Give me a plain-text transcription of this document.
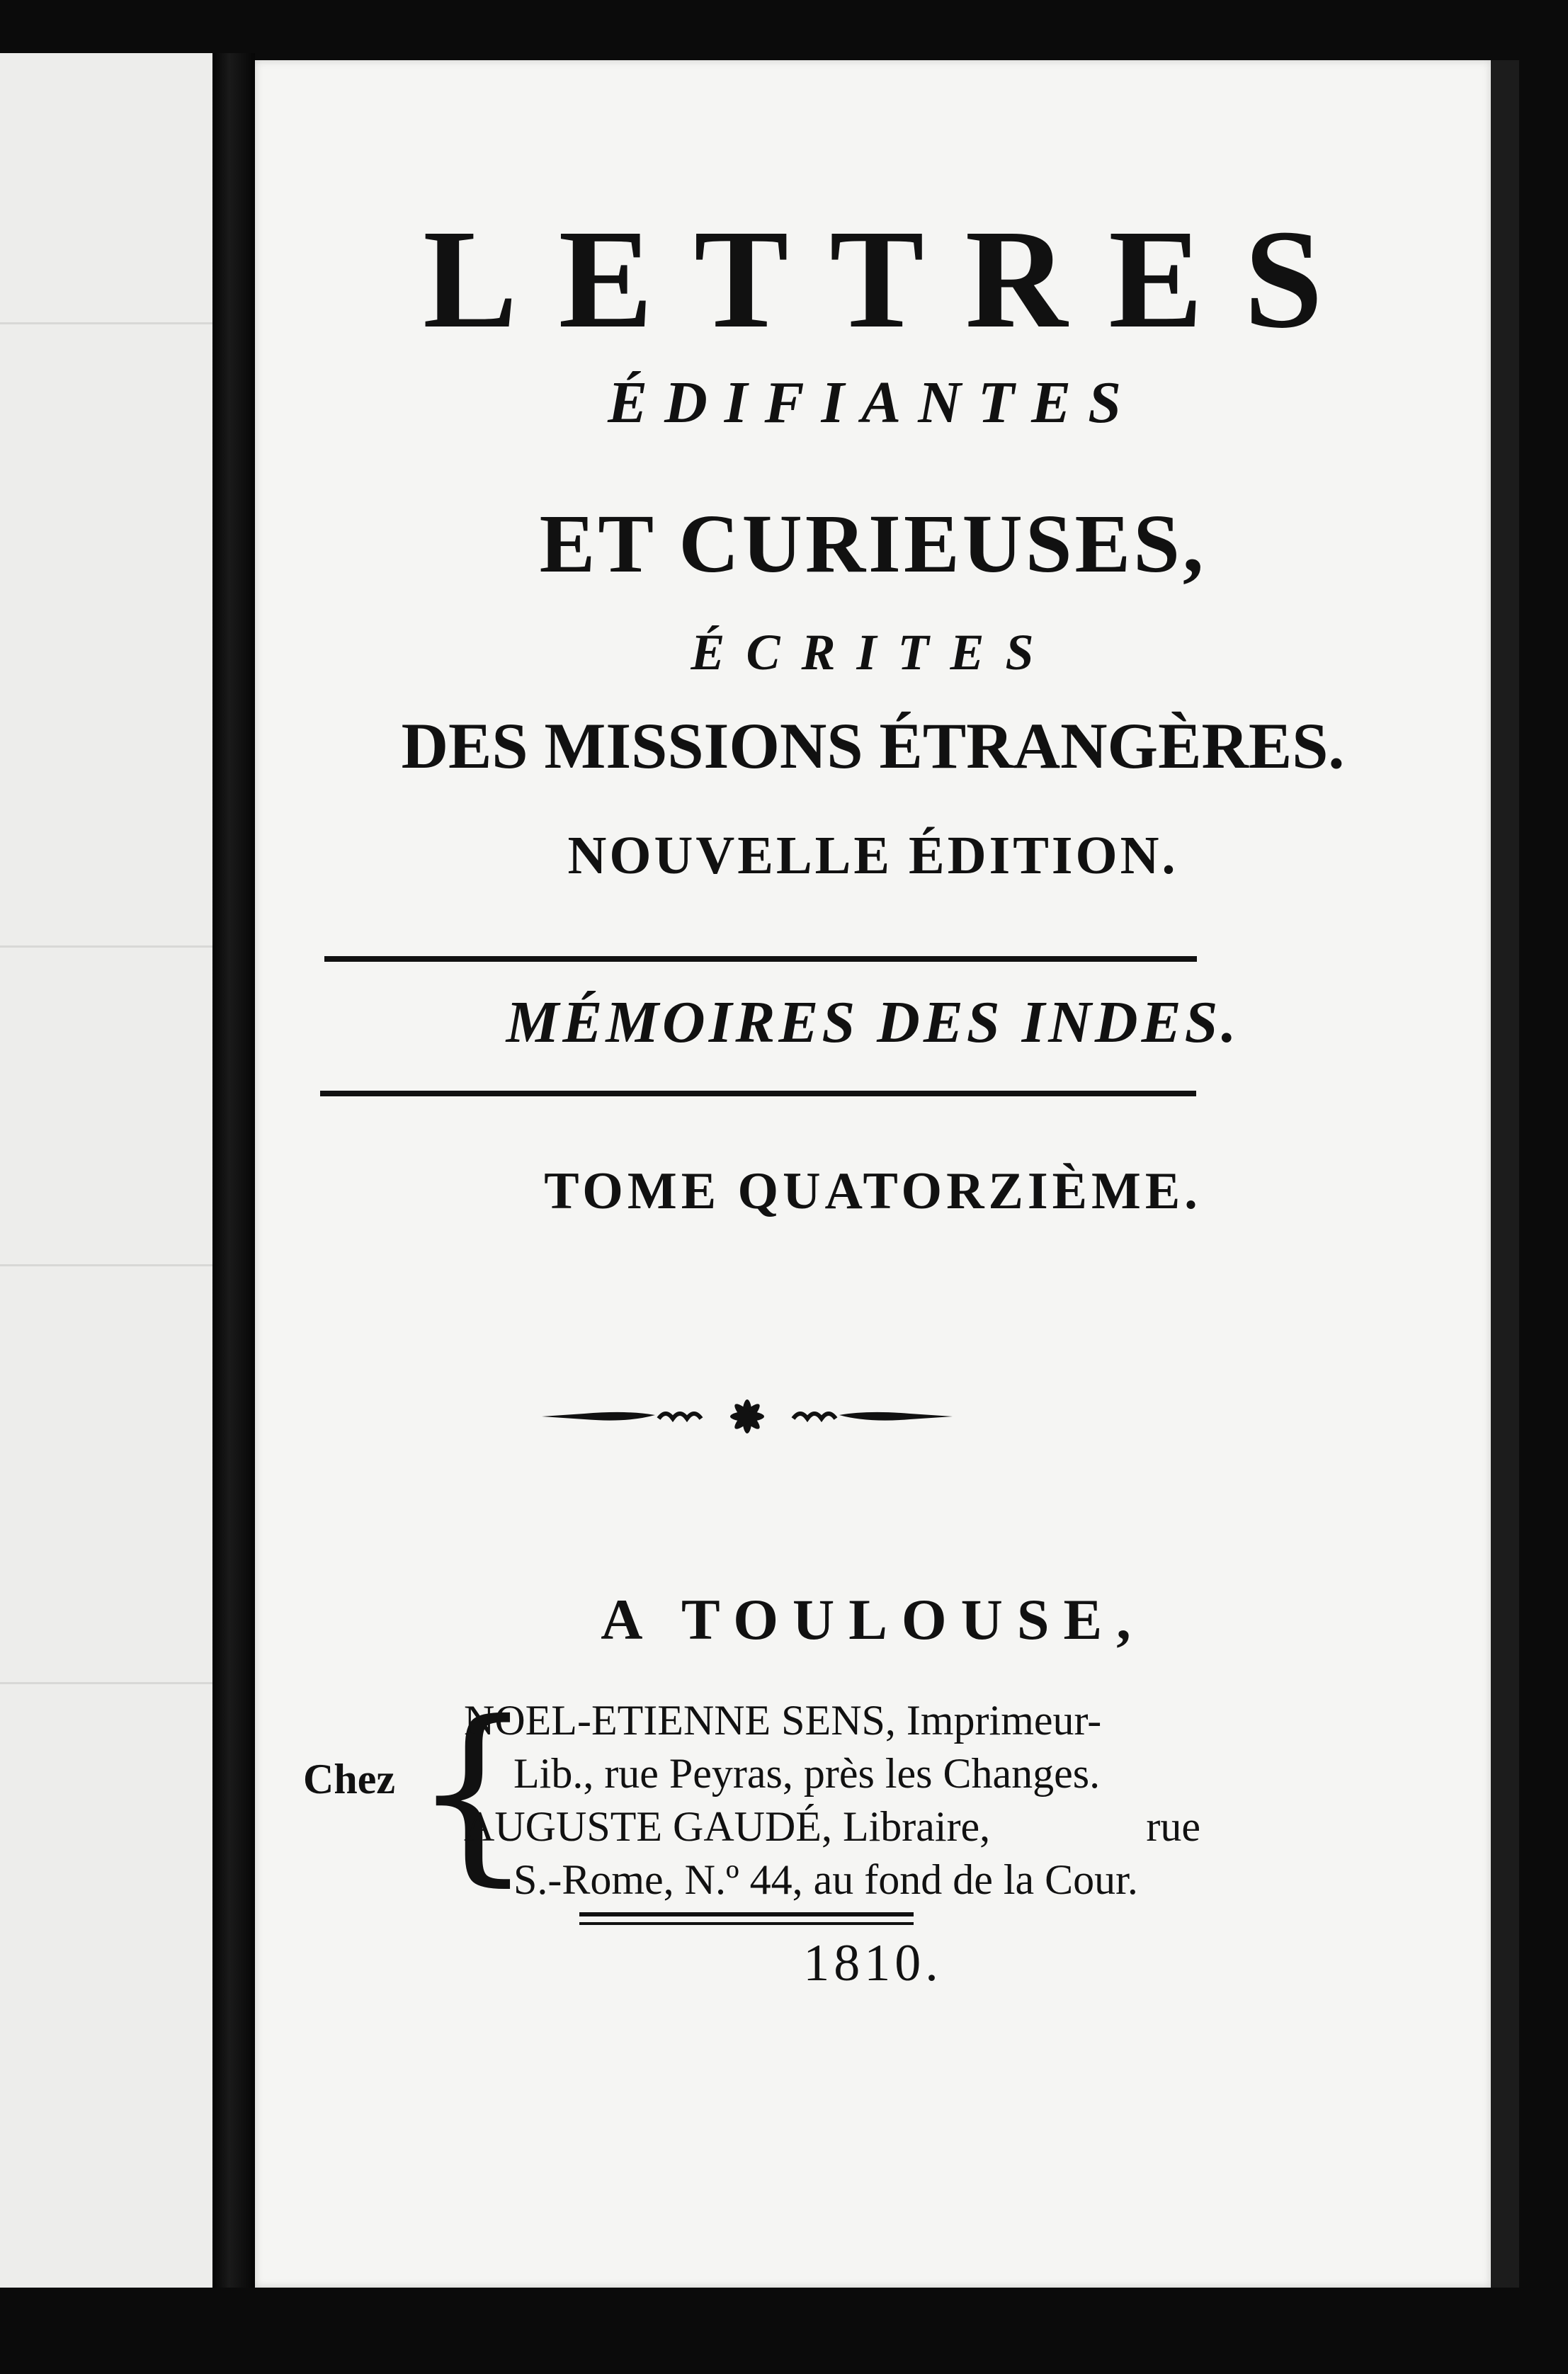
LETTRES
ÉDIFIANTES
ET CURIEUSES,
ÉCRITES
DES MISSIONS ÉTRANGÈRES.
NOUVELLE ÉDITION.
MÉMOIRES DES INDES.
TOME QUATORZIÈME.
A TOULOUSE,
Chez {
NOEL-ETIENNE SENS, Imprimeur-
Lib., rue Peyras, près les Changes.
AUGUSTE GAUDÉ, Libraire,	rue
S.-Rome, N.º 44, au fond de la Cour.
1810.
